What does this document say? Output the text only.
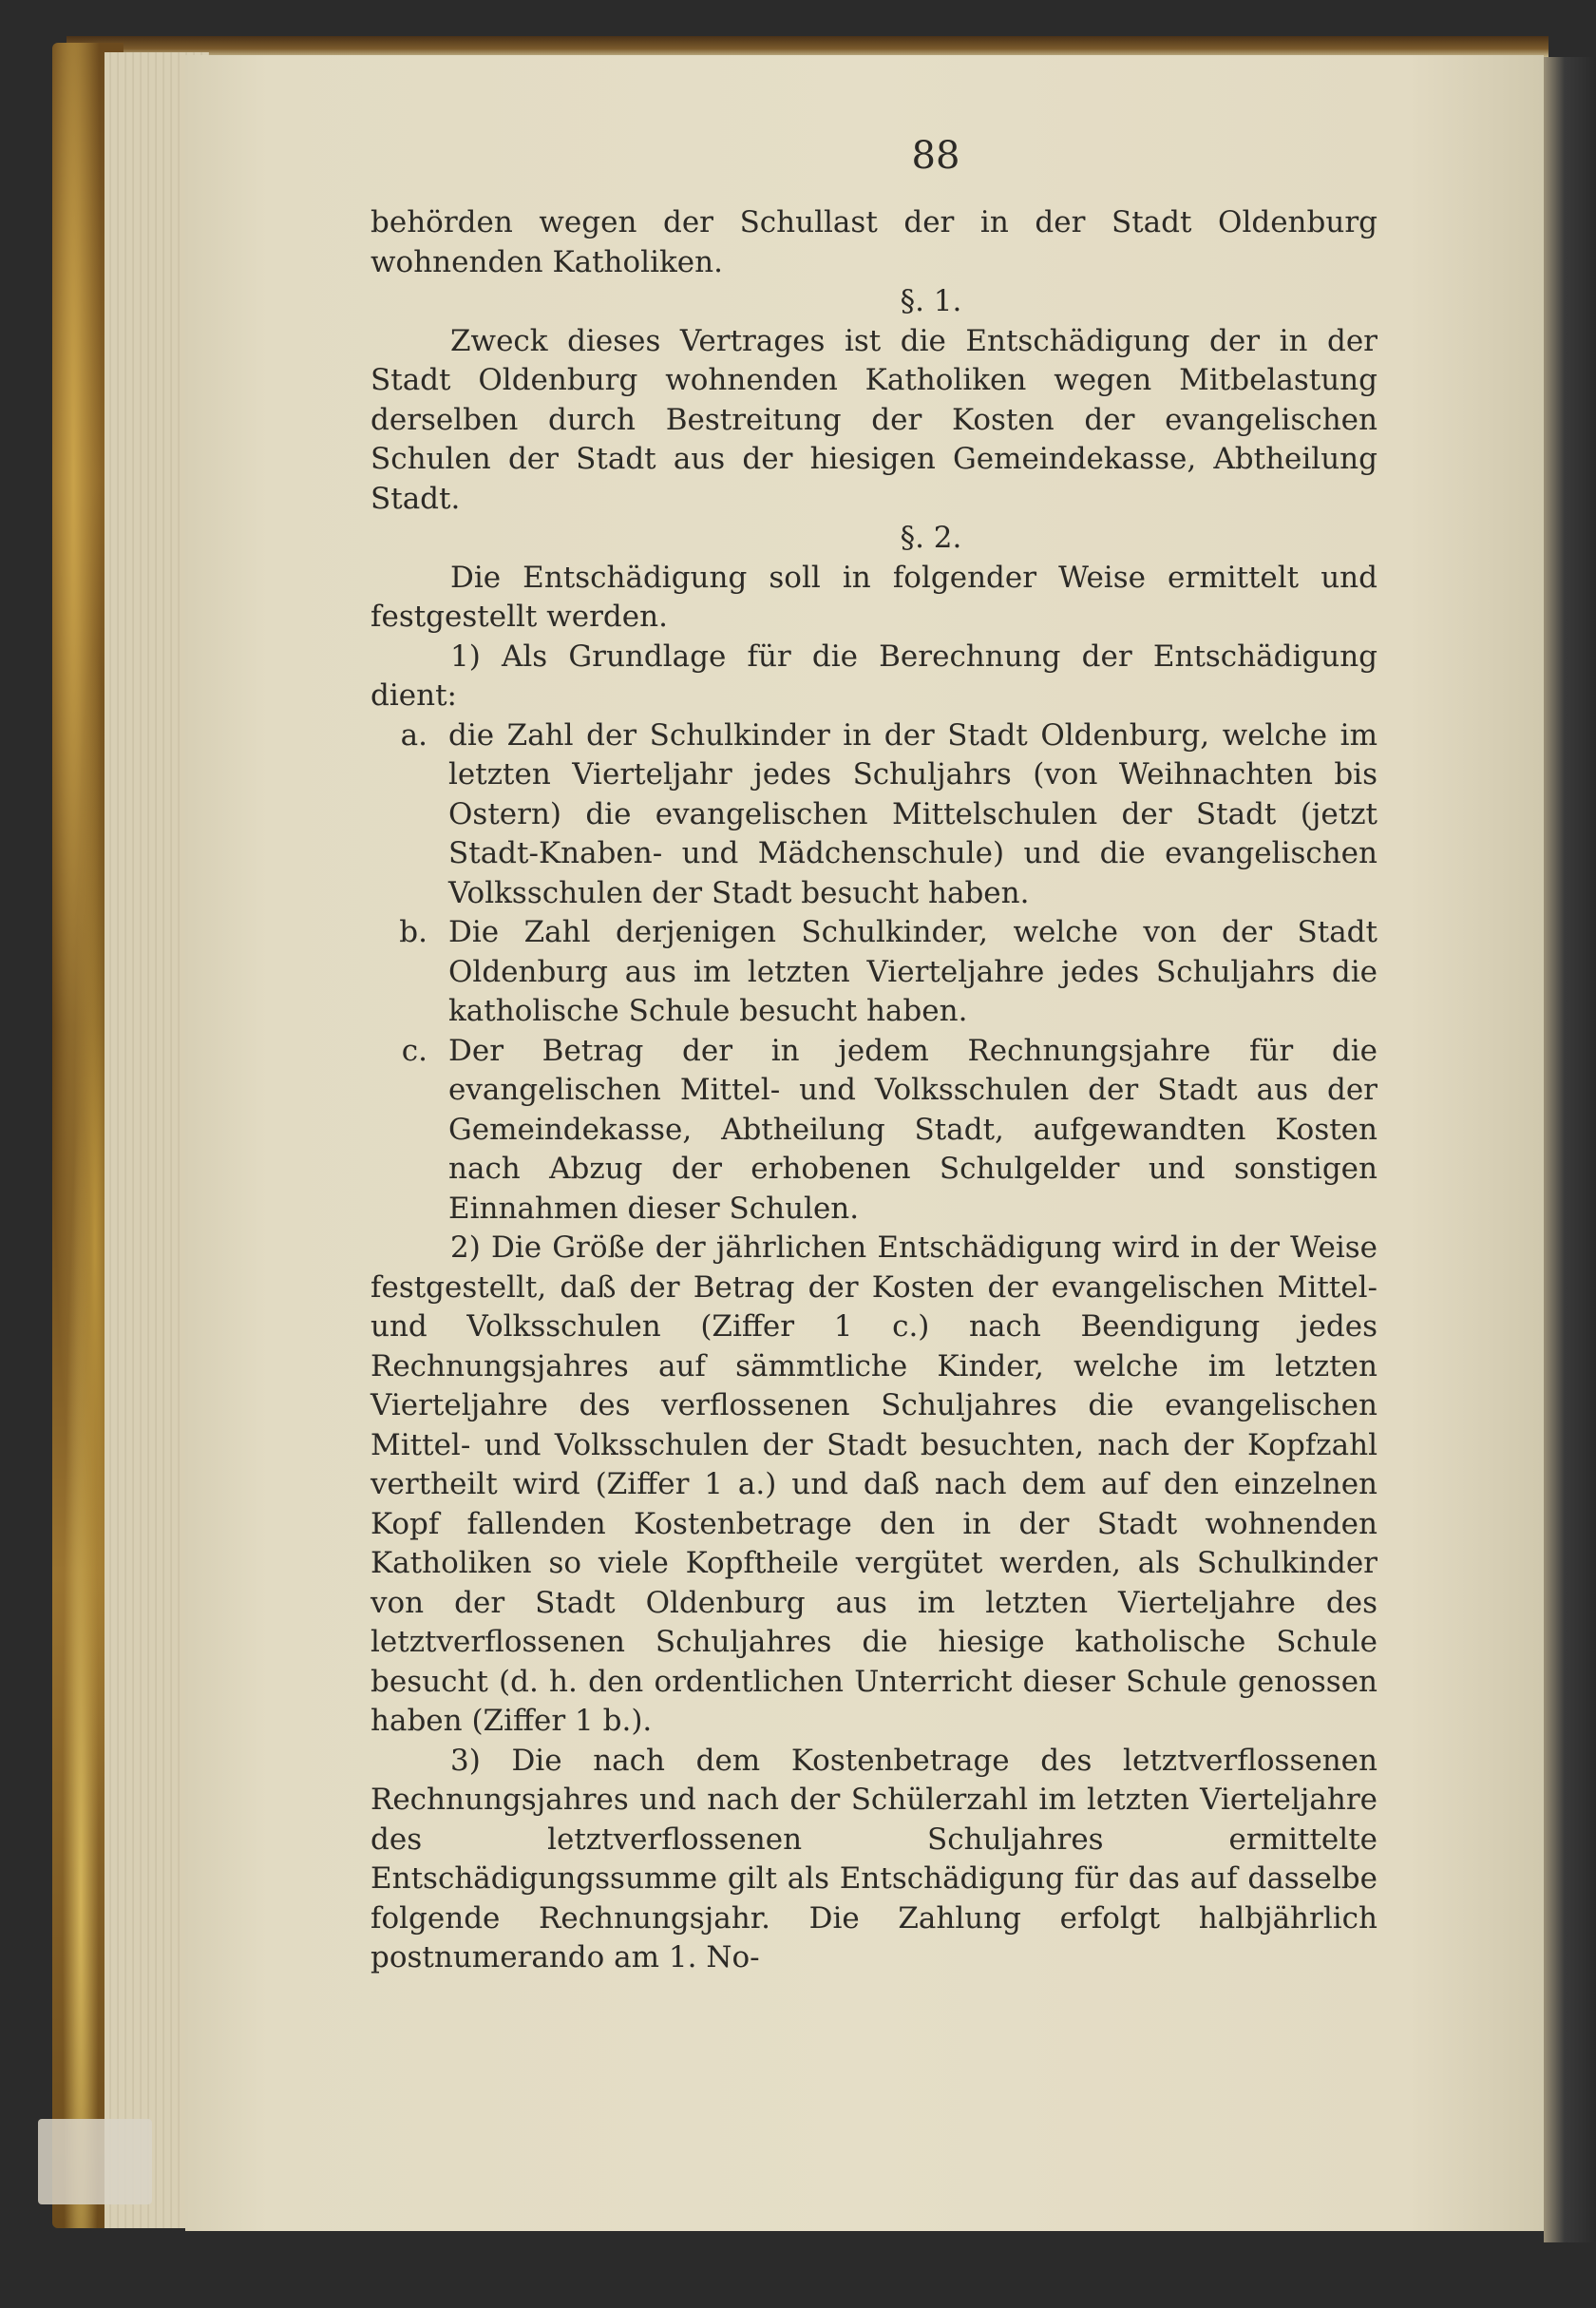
88

behörden wegen der Schullast der in der Stadt Oldenburg wohnenden Katholiken.

§. 1.

Zweck dieses Vertrages ist die Entschädigung der in der Stadt Oldenburg wohnenden Katholiken wegen Mitbelastung derselben durch Bestreitung der Kosten der evangelischen Schulen der Stadt aus der hiesigen Gemeindekasse, Abtheilung Stadt.

§. 2.

Die Entschädigung soll in folgender Weise ermittelt und festgestellt werden.

1) Als Grundlage für die Berechnung der Entschädigung dient:

a. die Zahl der Schulkinder in der Stadt Oldenburg, welche im letzten Vierteljahr jedes Schuljahrs (von Weihnachten bis Ostern) die evangelischen Mittelschulen der Stadt (jetzt Stadt-Knaben- und Mädchenschule) und die evangelischen Volksschulen der Stadt besucht haben.
b. Die Zahl derjenigen Schulkinder, welche von der Stadt Oldenburg aus im letzten Vierteljahre jedes Schuljahrs die katholische Schule besucht haben.
c. Der Betrag der in jedem Rechnungsjahre für die evangelischen Mittel- und Volksschulen der Stadt aus der Gemeindekasse, Abtheilung Stadt, aufgewandten Kosten nach Abzug der erhobenen Schulgelder und sonstigen Einnahmen dieser Schulen.

2) Die Größe der jährlichen Entschädigung wird in der Weise festgestellt, daß der Betrag der Kosten der evangelischen Mittel- und Volksschulen (Ziffer 1 c.) nach Beendigung jedes Rechnungsjahres auf sämmtliche Kinder, welche im letzten Vierteljahre des verflossenen Schuljahres die evangelischen Mittel- und Volksschulen der Stadt besuchten, nach der Kopfzahl vertheilt wird (Ziffer 1 a.) und daß nach dem auf den einzelnen Kopf fallenden Kostenbetrage den in der Stadt wohnenden Katholiken so viele Kopftheile vergütet werden, als Schulkinder von der Stadt Oldenburg aus im letzten Vierteljahre des letztverflossenen Schuljahres die hiesige katholische Schule besucht (d. h. den ordentlichen Unterricht dieser Schule genossen haben (Ziffer 1 b.).

3) Die nach dem Kostenbetrage des letztverflossenen Rechnungsjahres und nach der Schülerzahl im letzten Vierteljahre des letztverflossenen Schuljahres ermittelte Entschädigungssumme gilt als Entschädigung für das auf dasselbe folgende Rechnungsjahr. Die Zahlung erfolgt halbjährlich postnumerando am 1. No-
